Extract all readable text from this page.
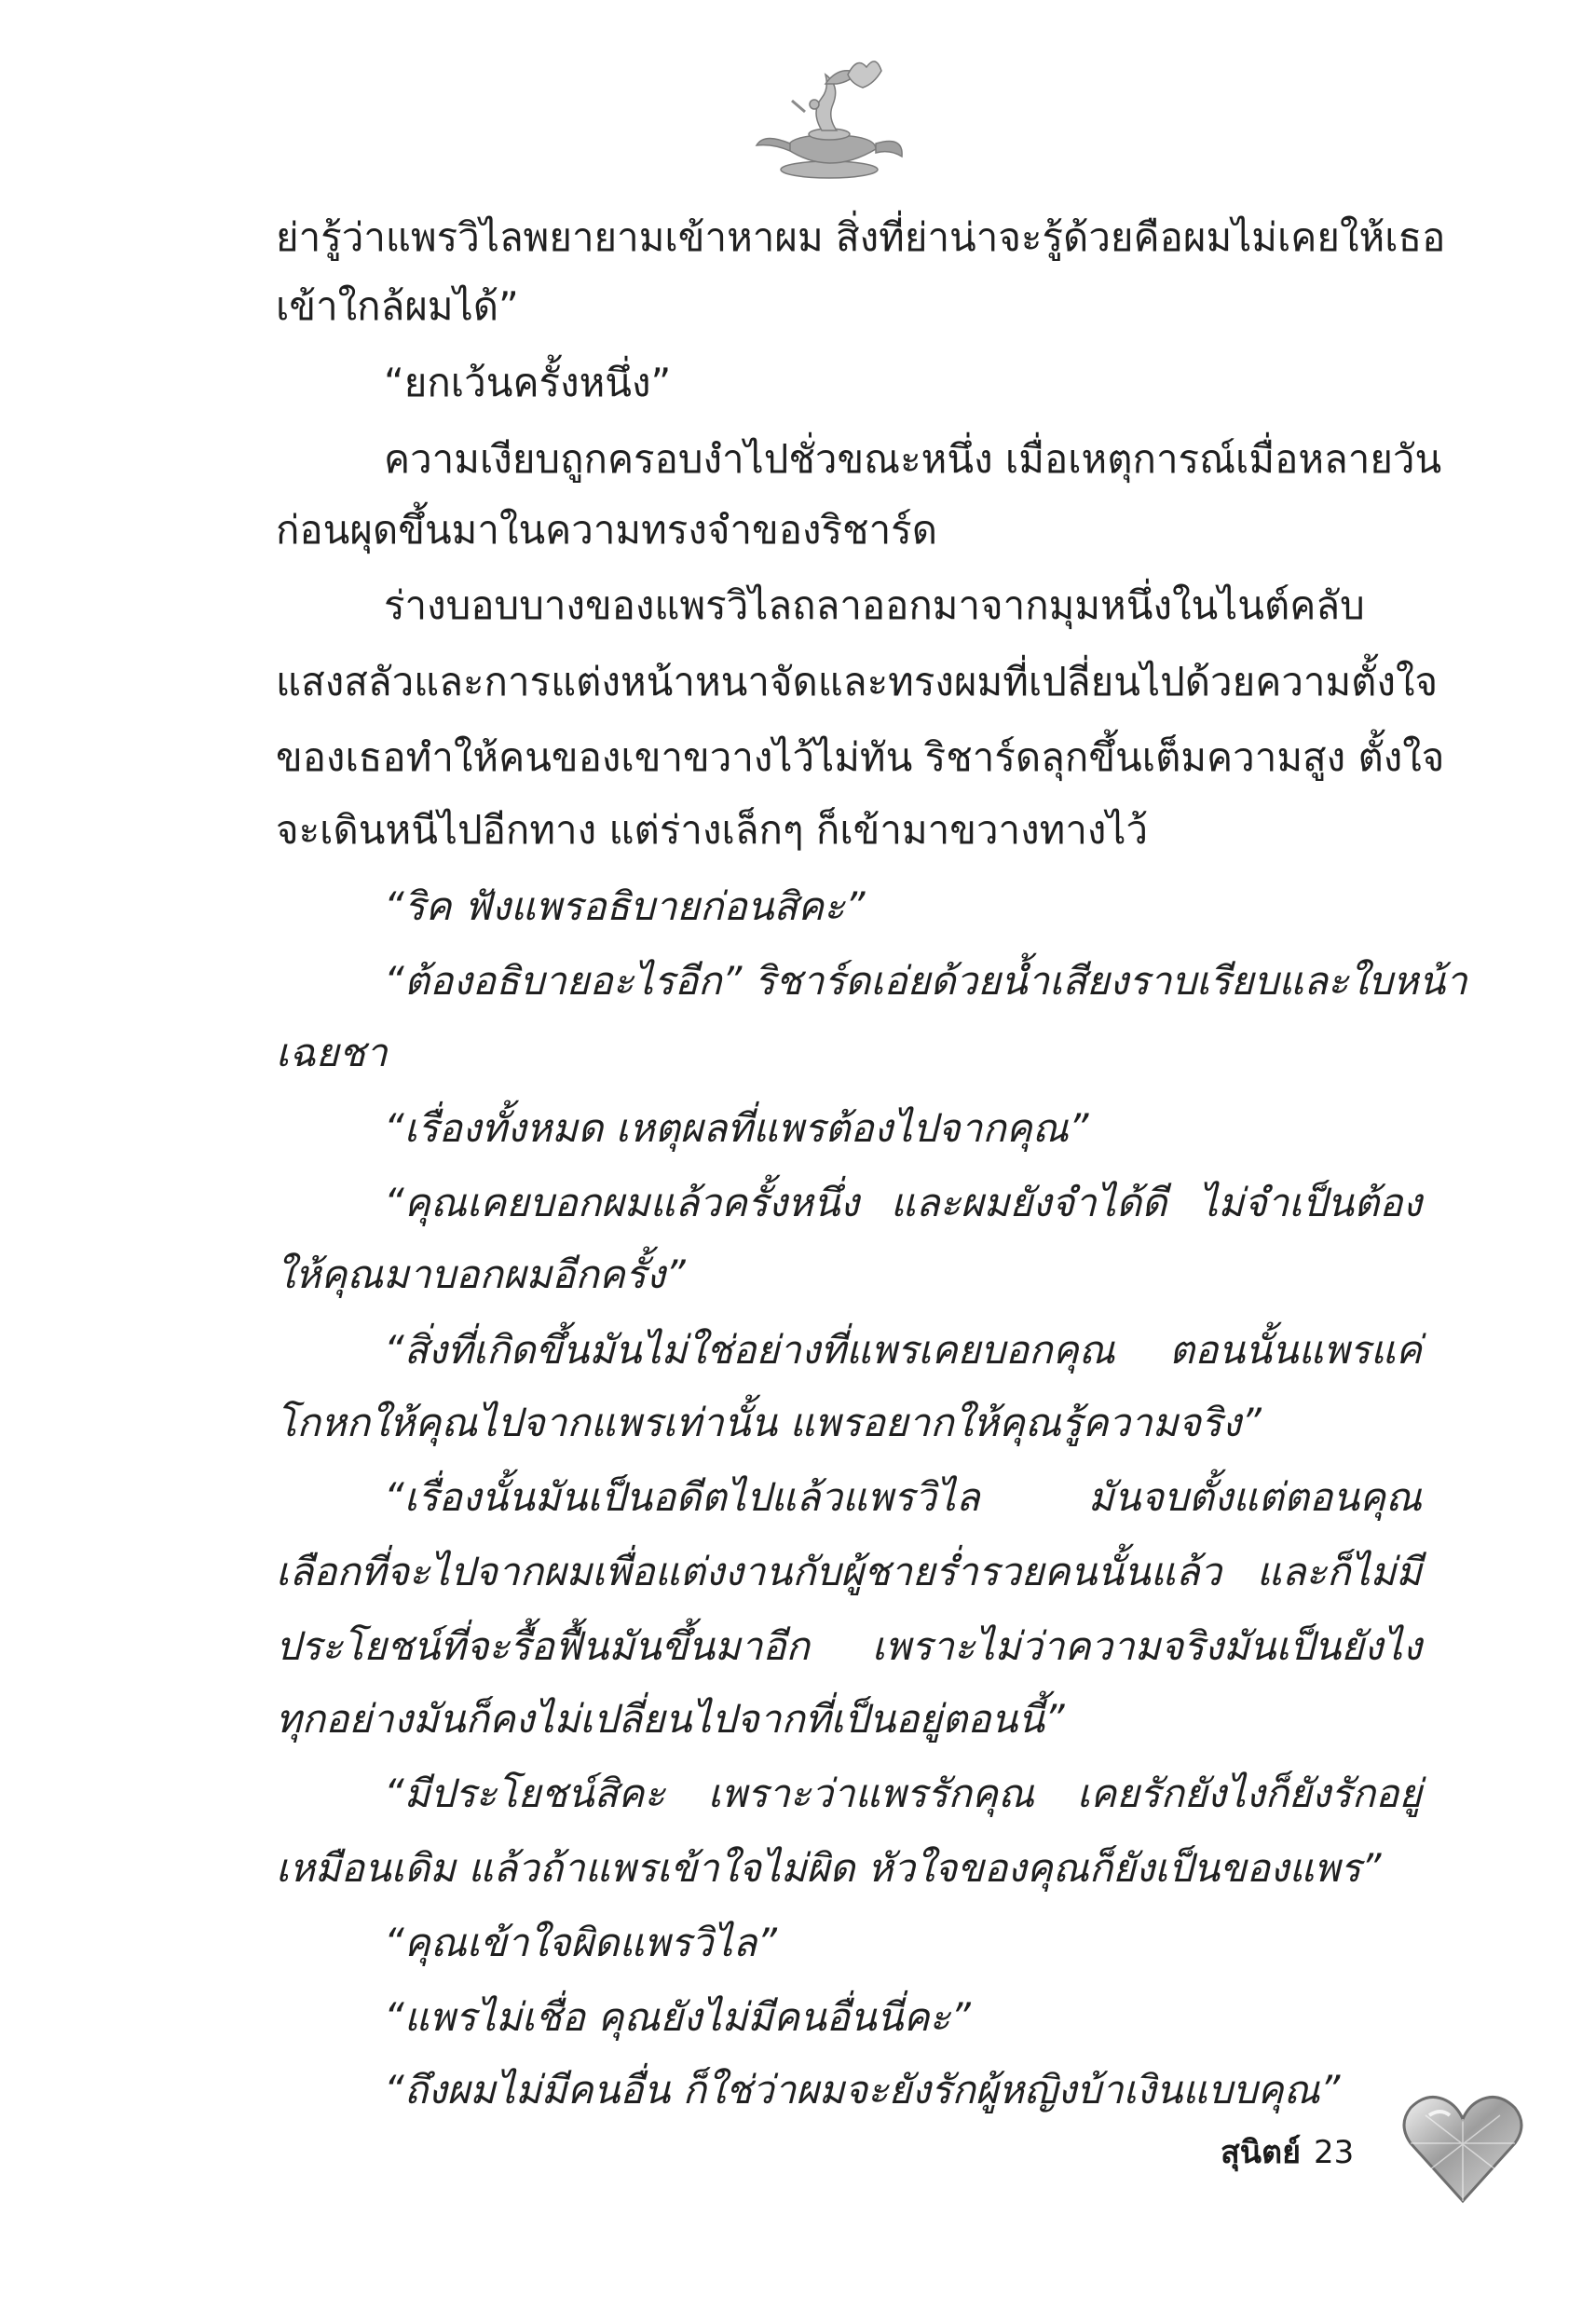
ย่ารู้ว่าแพรวิไลพยายามเข้าหาผม สิ่งที่ย่าน่าจะรู้ด้วยคือผมไม่เคยให้เธอ
เข้าใกล้ผมได้”
“ยกเว้นครั้งหนึ่ง”
ความเงียบถูกครอบงำไปชั่วขณะหนึ่ง เมื่อเหตุการณ์เมื่อหลายวัน
ก่อนผุดขึ้นมาในความทรงจำของริชาร์ด
ร่างบอบบางของแพรวิไลถลาออกมาจากมุมหนึ่งในไนต์คลับ
แสงสลัวและการแต่งหน้าหนาจัดและทรงผมที่เปลี่ยนไปด้วยความตั้งใจ
ของเธอทำให้คนของเขาขวางไว้ไม่ทัน ริชาร์ดลุกขึ้นเต็มความสูง ตั้งใจ
จะเดินหนีไปอีกทาง แต่ร่างเล็กๆ ก็เข้ามาขวางทางไว้
“ริค ฟังแพรอธิบายก่อนสิคะ”
“ต้องอธิบายอะไรอีก” ริชาร์ดเอ่ยด้วยน้ำเสียงราบเรียบและใบหน้า
เฉยชา
“เรื่องทั้งหมด เหตุผลที่แพรต้องไปจากคุณ”
“คุณเคยบอกผมแล้วครั้งหนึ่ง และผมยังจำได้ดี ไม่จำเป็นต้อง
ให้คุณมาบอกผมอีกครั้ง”
“สิ่งที่เกิดขึ้นมันไม่ใช่อย่างที่แพรเคยบอกคุณ ตอนนั้นแพรแค่
โกหกให้คุณไปจากแพรเท่านั้น แพรอยากให้คุณรู้ความจริง”
“เรื่องนั้นมันเป็นอดีตไปแล้วแพรวิไล มันจบตั้งแต่ตอนคุณ
เลือกที่จะไปจากผมเพื่อแต่งงานกับผู้ชายร่ำรวยคนนั้นแล้ว และก็ไม่มี
ประโยชน์ที่จะรื้อฟื้นมันขึ้นมาอีก เพราะไม่ว่าความจริงมันเป็นยังไง
ทุกอย่างมันก็คงไม่เปลี่ยนไปจากที่เป็นอยู่ตอนนี้”
“มีประโยชน์สิคะ เพราะว่าแพรรักคุณ เคยรักยังไงก็ยังรักอยู่
เหมือนเดิม แล้วถ้าแพรเข้าใจไม่ผิด หัวใจของคุณก็ยังเป็นของแพร”
“คุณเข้าใจผิดแพรวิไล”
“แพรไม่เชื่อ คุณยังไม่มีคนอื่นนี่คะ”
“ถึงผมไม่มีคนอื่น ก็ใช่ว่าผมจะยังรักผู้หญิงบ้าเงินแบบคุณ”
สุนิตย์ 23
